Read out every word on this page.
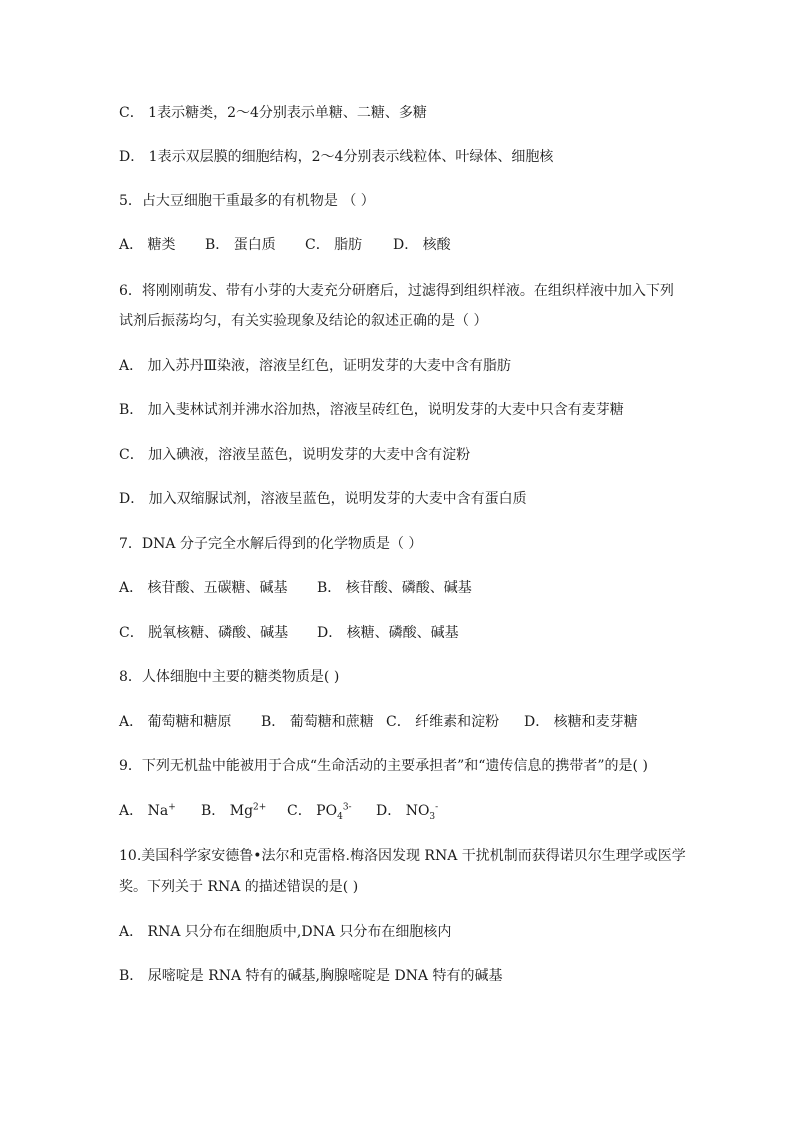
C． 1表示糖类，2～4分别表示单糖、二糖、多糖
D． 1表示双层膜的细胞结构，2～4分别表示线粒体、叶绿体、细胞核
5．占大豆细胞干重最多的有机物是 （ ）
A． 糖类 B． 蛋白质 C． 脂肪 D． 核酸
6．将刚刚萌发、带有小芽的大麦充分研磨后，过滤得到组织样液。在组织样液中加入下列
试剂后振荡均匀，有关实验现象及结论的叙述正确的是（ ）
A． 加入苏丹Ⅲ染液，溶液呈红色，证明发芽的大麦中含有脂肪
B． 加入斐林试剂并沸水浴加热，溶液呈砖红色，说明发芽的大麦中只含有麦芽糖
C． 加入碘液，溶液呈蓝色，说明发芽的大麦中含有淀粉
D． 加入双缩脲试剂，溶液呈蓝色，说明发芽的大麦中含有蛋白质
7．DNA 分子完全水解后得到的化学物质是（ ）
A． 核苷酸、五碳糖、碱基 B． 核苷酸、磷酸、碱基
C． 脱氧核糖、磷酸、碱基 D． 核糖、磷酸、碱基
8．人体细胞中主要的糖类物质是( )
A． 葡萄糖和糖原 B． 葡萄糖和蔗糖 C． 纤维素和淀粉 D． 核糖和麦芽糖
9．下列无机盐中能被用于合成“生命活动的主要承担者”和“遗传信息的携带者”的是( )
A． Na+ B． $Mg^{2+}$ C． $PO_4^{3-}$ D． $NO_3^-$
10.美国科学家安德鲁•法尔和克雷格.梅洛因发现 RNA 干扰机制而获得诺贝尔生理学或医学
奖。下列关于 RNA 的描述错误的是( )
A． RNA 只分布在细胞质中,DNA 只分布在细胞核内
B． 尿嘧啶是 RNA 特有的碱基,胸腺嘧啶是 DNA 特有的碱基
